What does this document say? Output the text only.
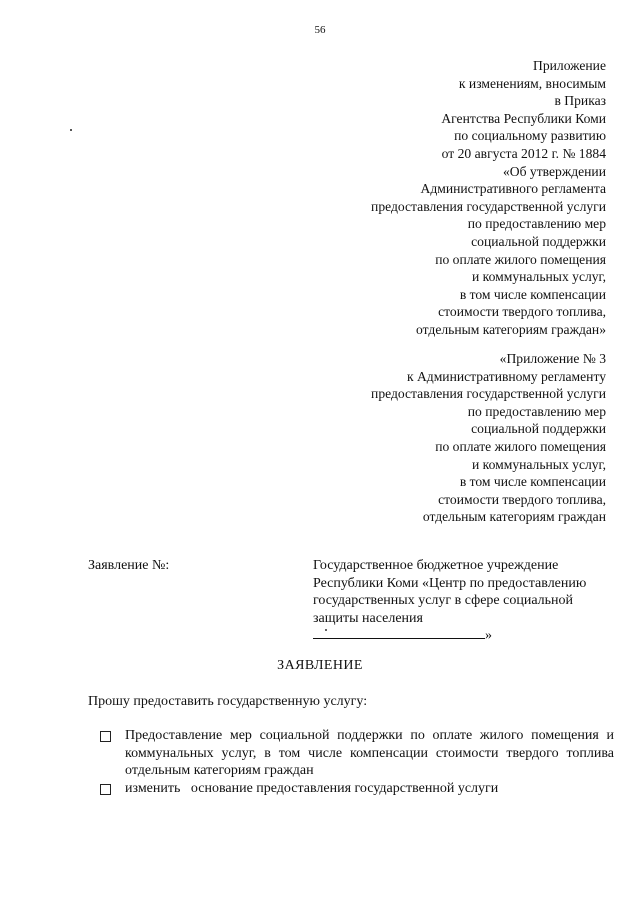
56
Приложение
к изменениям, вносимым
в Приказ
Агентства Республики Коми
по социальному развитию
от 20 августа 2012 г. № 1884
«Об утверждении
Административного регламента
предоставления государственной услуги
по предоставлению мер
социальной поддержки
по оплате жилого помещения
и коммунальных услуг,
в том числе компенсации
стоимости твердого топлива,
отдельным категориям граждан»
«Приложение № 3
к Административному регламенту
предоставления государственной услуги
по предоставлению мер
социальной поддержки
по оплате жилого помещения
и коммунальных услуг,
в том числе компенсации
стоимости твердого топлива,
отдельным категориям граждан
Заявление №:	Государственное бюджетное учреждение
Республики Коми «Центр по предоставлению
государственных услуг в сфере социальной
защиты населения
»
ЗАЯВЛЕНИЕ
Прошу предоставить государственную услугу:
Предоставление мер социальной поддержки по оплате жилого помещения и коммунальных услуг, в том числе компенсации стоимости твердого топлива отдельным категориям граждан
изменить   основание предоставления государственной услуги
